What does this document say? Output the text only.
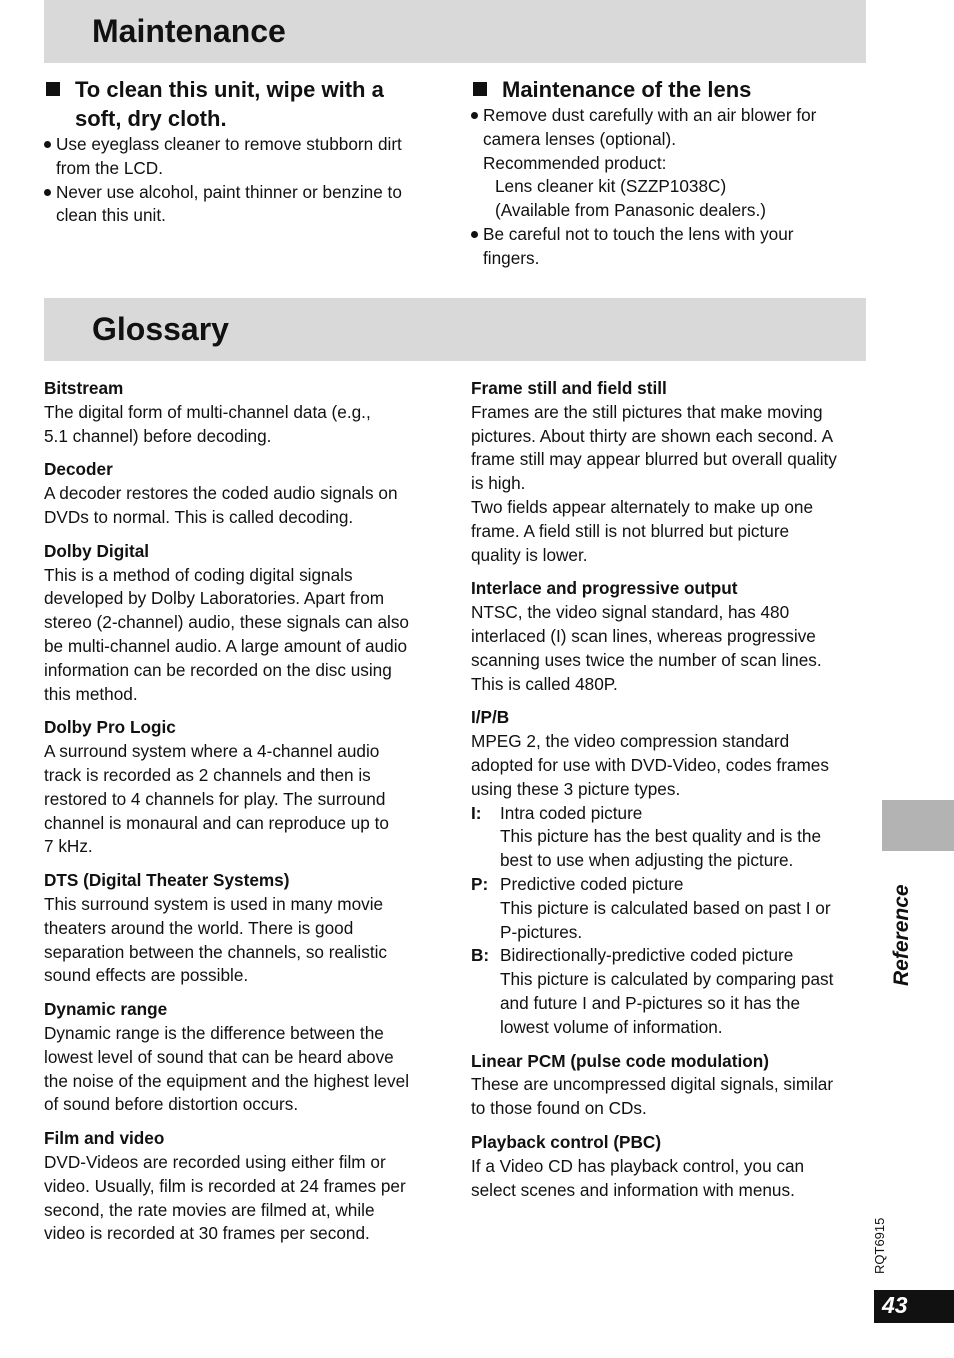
Maintenance
To clean this unit, wipe with a
soft, dry cloth.
Use eyeglass cleaner to remove stubborn dirt
from the LCD.
Never use alcohol, paint thinner or benzine to
clean this unit.
Maintenance of the lens
Remove dust carefully with an air blower for
camera lenses (optional).
Recommended product:
Lens cleaner kit (SZZP1038C)
(Available from Panasonic dealers.)
Be careful not to touch the lens with your
fingers.
Glossary
Bitstream
The digital form of multi-channel data (e.g.,
5.1 channel) before decoding.
Decoder
A decoder restores the coded audio signals on
DVDs to normal. This is called decoding.
Dolby Digital
This is a method of coding digital signals
developed by Dolby Laboratories. Apart from
stereo (2-channel) audio, these signals can also
be multi-channel audio. A large amount of audio
information can be recorded on the disc using
this method.
Dolby Pro Logic
A surround system where a 4-channel audio
track is recorded as 2 channels and then is
restored to 4 channels for play. The surround
channel is monaural and can reproduce up to
7 kHz.
DTS (Digital Theater Systems)
This surround system is used in many movie
theaters around the world. There is good
separation between the channels, so realistic
sound effects are possible.
Dynamic range
Dynamic range is the difference between the
lowest level of sound that can be heard above
the noise of the equipment and the highest level
of sound before distortion occurs.
Film and video
DVD-Videos are recorded using either film or
video. Usually, film is recorded at 24 frames per
second, the rate movies are filmed at, while
video is recorded at 30 frames per second.
Frame still and field still
Frames are the still pictures that make moving
pictures. About thirty are shown each second. A
frame still may appear blurred but overall quality
is high.
Two fields appear alternately to make up one
frame. A field still is not blurred but picture
quality is lower.
Interlace and progressive output
NTSC, the video signal standard, has 480
interlaced (I) scan lines, whereas progressive
scanning uses twice the number of scan lines.
This is called 480P.
I/P/B
MPEG 2, the video compression standard
adopted for use with DVD-Video, codes frames
using these 3 picture types.
I: Intra coded picture
This picture has the best quality and is the
best to use when adjusting the picture.
P: Predictive coded picture
This picture is calculated based on past I or
P-pictures.
B: Bidirectionally-predictive coded picture
This picture is calculated by comparing past
and future I and P-pictures so it has the
lowest volume of information.
Linear PCM (pulse code modulation)
These are uncompressed digital signals, similar
to those found on CDs.
Playback control (PBC)
If a Video CD has playback control, you can
select scenes and information with menus.
Reference
RQT6915
43
